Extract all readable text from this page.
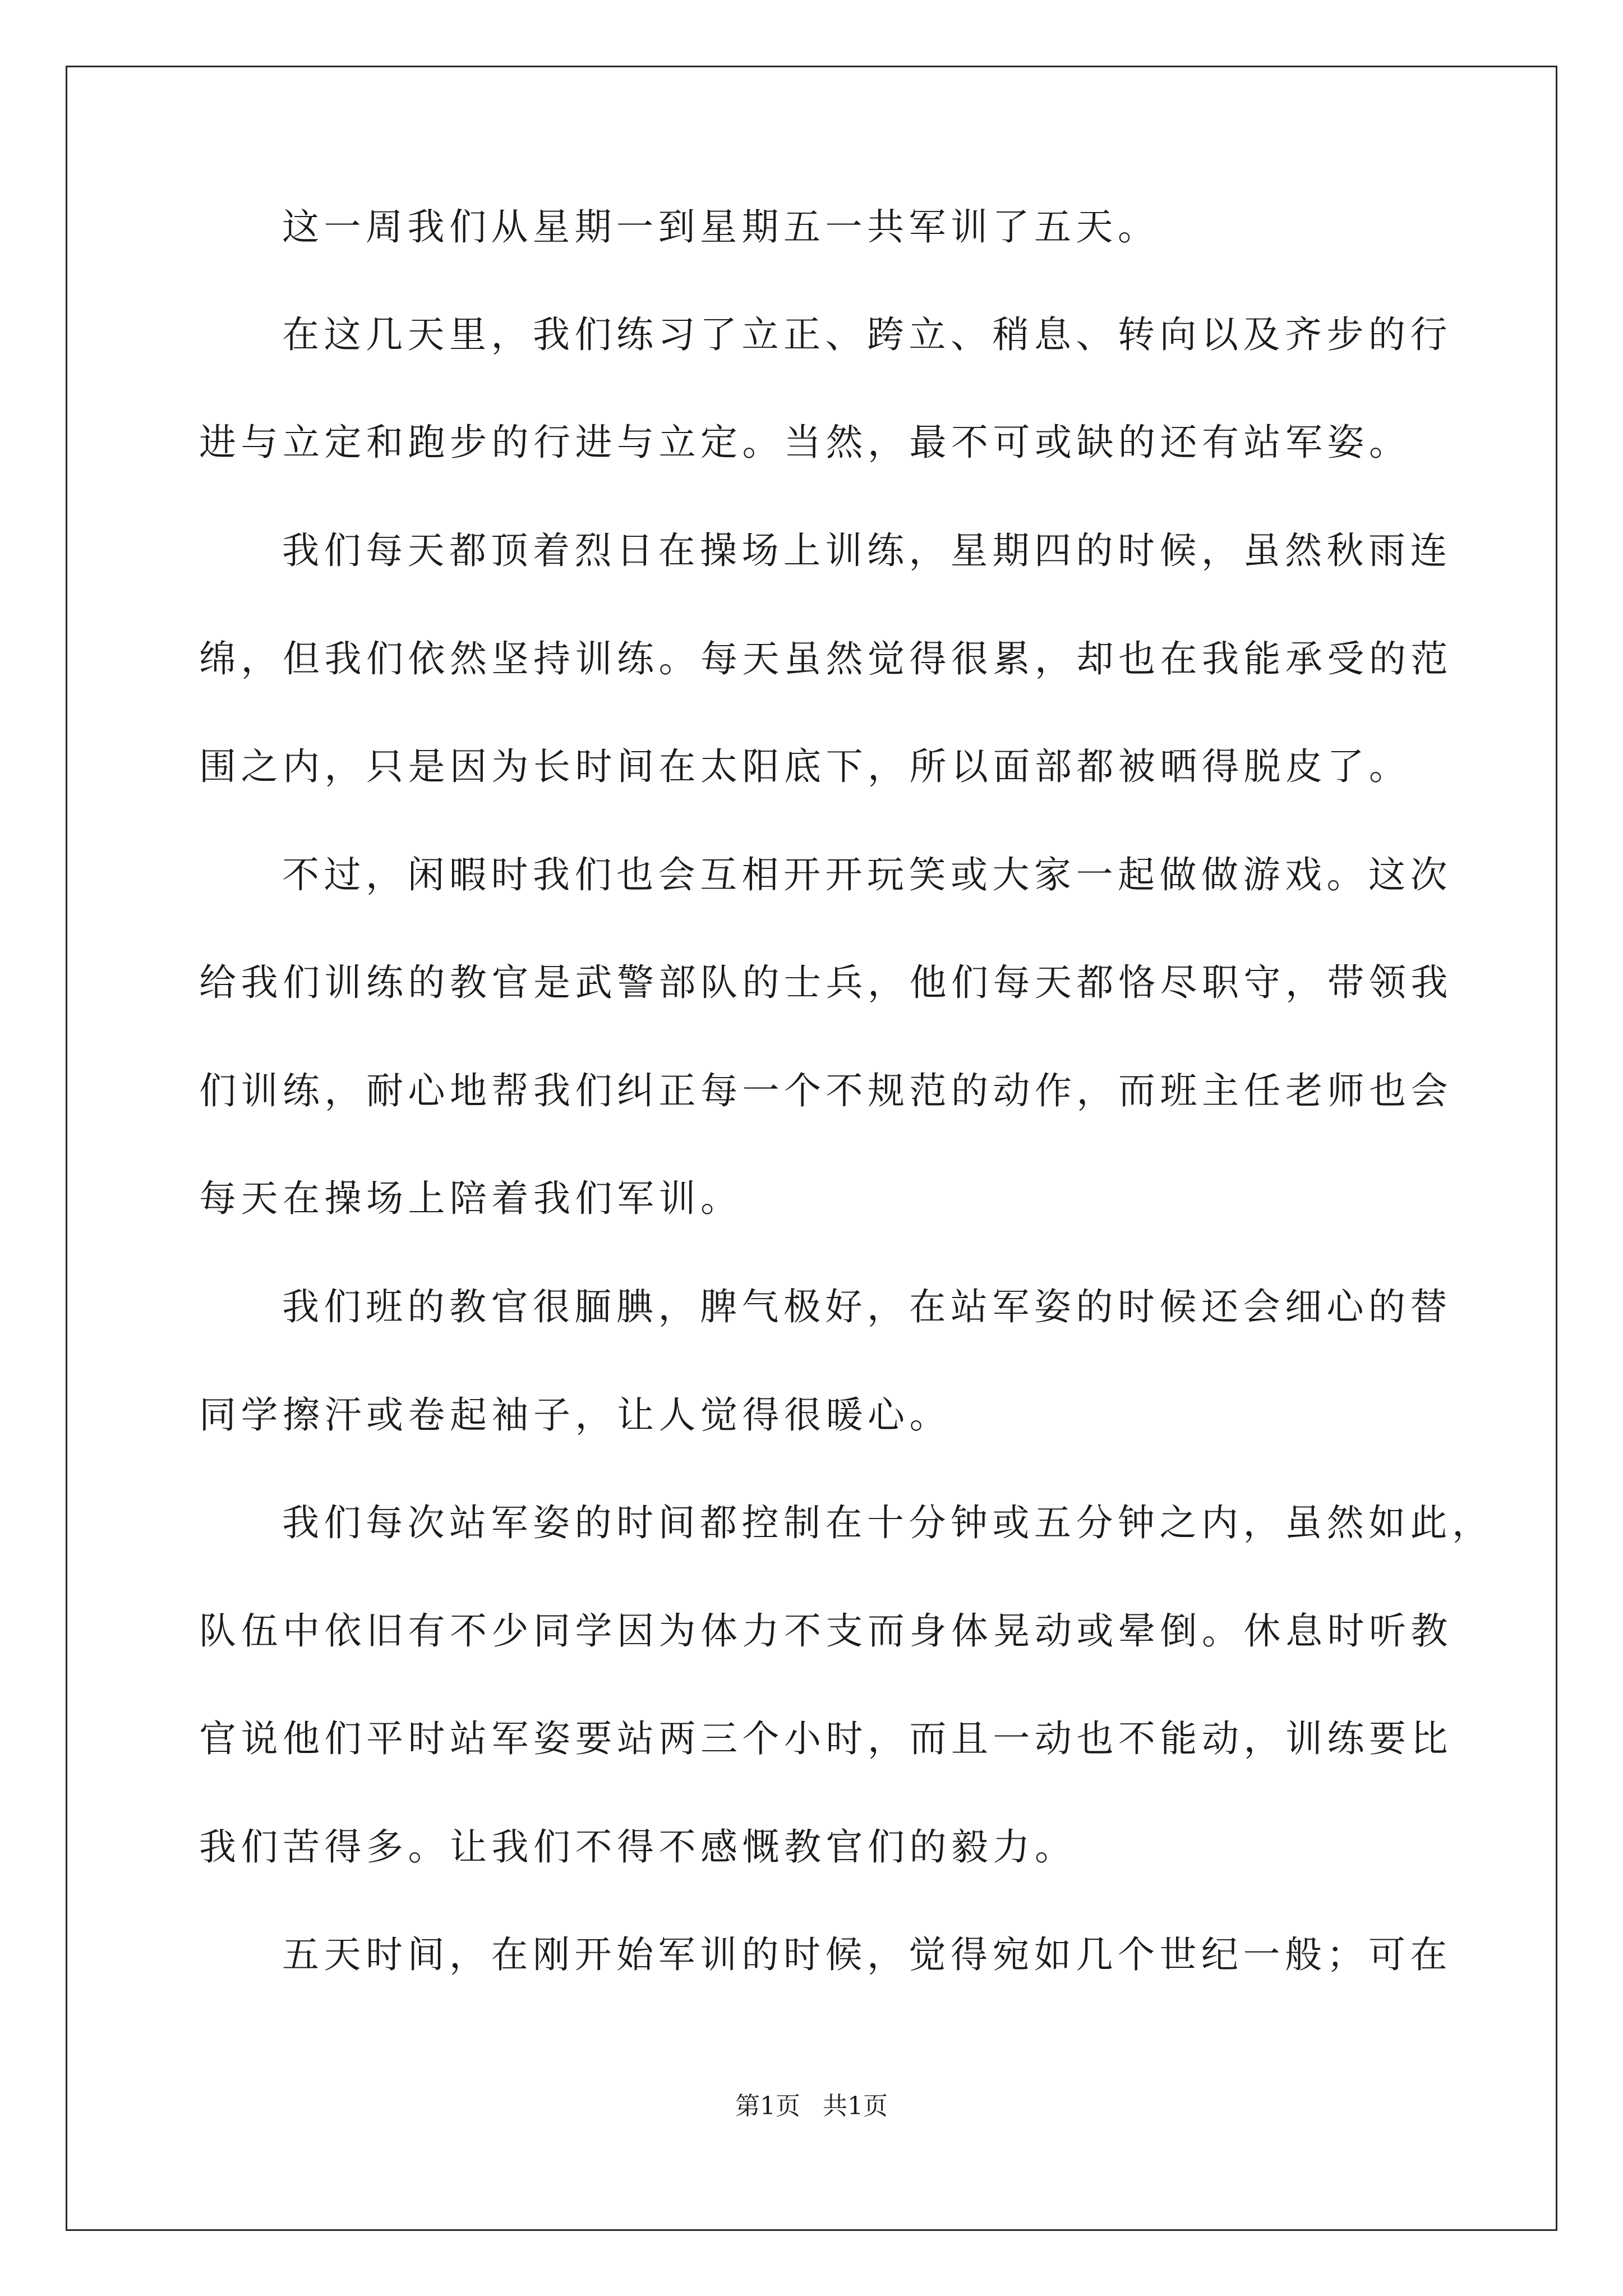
这一周我们从星期一到星期五一共军训了五天。
在这几天里，我们练习了立正、跨立、稍息、转向以及齐步的行
进与立定和跑步的行进与立定。当然，最不可或缺的还有站军姿。
我们每天都顶着烈日在操场上训练，星期四的时候，虽然秋雨连
绵，但我们依然坚持训练。每天虽然觉得很累，却也在我能承受的范
围之内，只是因为长时间在太阳底下，所以面部都被晒得脱皮了。
不过，闲暇时我们也会互相开开玩笑或大家一起做做游戏。这次
给我们训练的教官是武警部队的士兵，他们每天都恪尽职守，带领我
们训练，耐心地帮我们纠正每一个不规范的动作，而班主任老师也会
每天在操场上陪着我们军训。
我们班的教官很腼腆，脾气极好，在站军姿的时候还会细心的替
同学擦汗或卷起袖子，让人觉得很暖心。
我们每次站军姿的时间都控制在十分钟或五分钟之内，虽然如此，
队伍中依旧有不少同学因为体力不支而身体晃动或晕倒。休息时听教
官说他们平时站军姿要站两三个小时，而且一动也不能动，训练要比
我们苦得多。让我们不得不感慨教官们的毅力。
五天时间，在刚开始军训的时候，觉得宛如几个世纪一般；可在
第1页 共1页
